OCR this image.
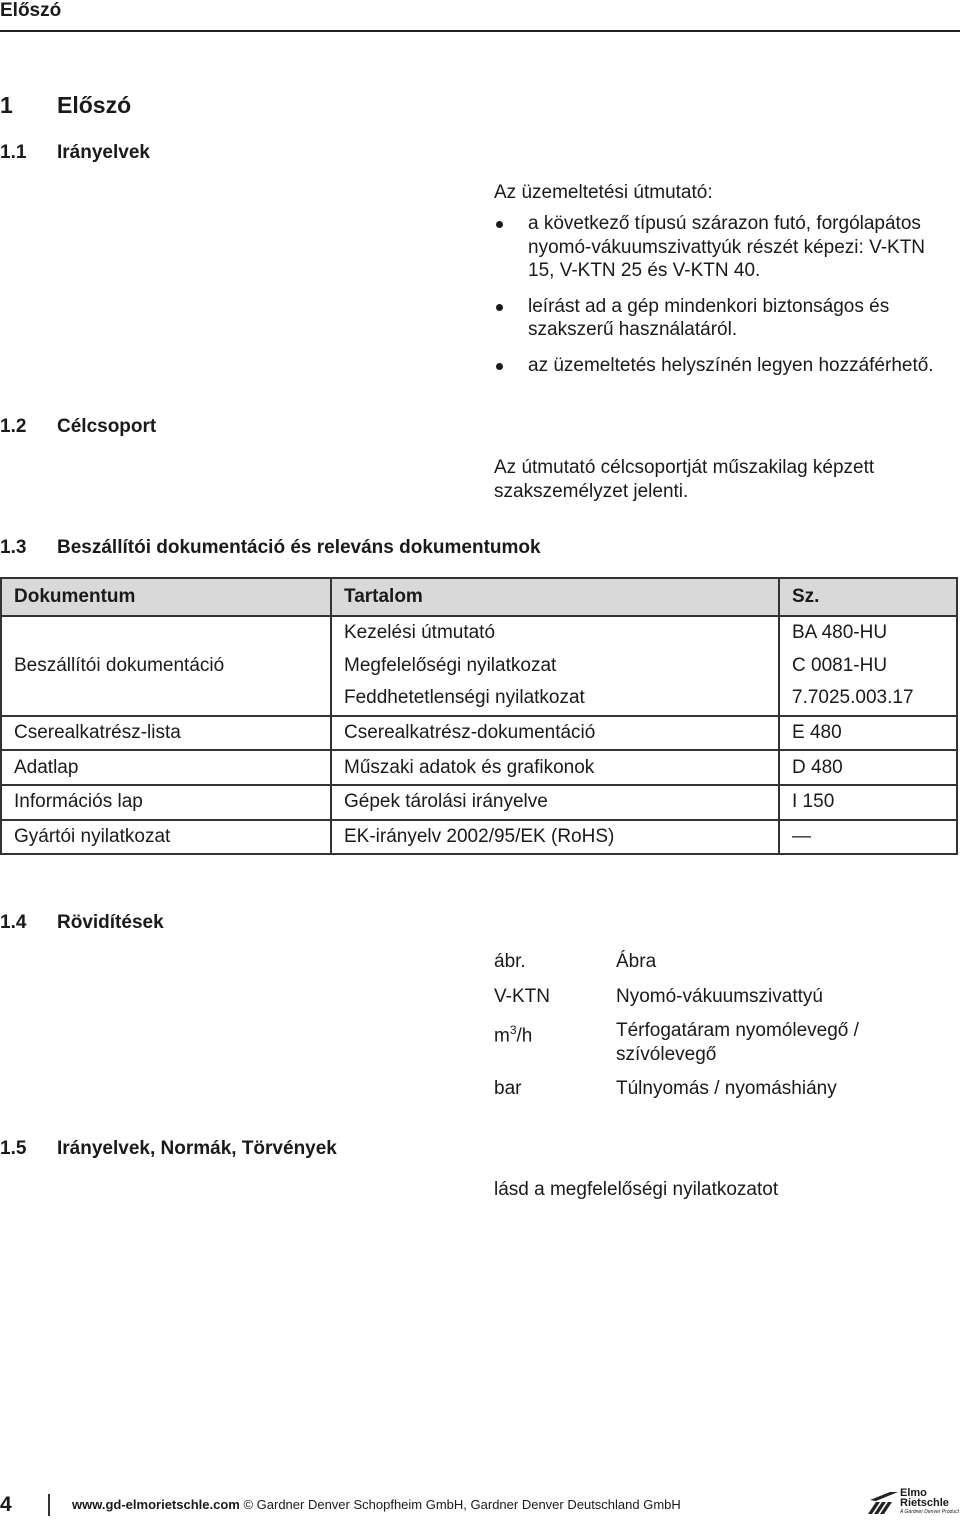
Előszó
1 Előszó
1.1 Irányelvek
Az üzemeltetési útmutató:
a következő típusú szárazon futó, forgólapátos nyomó-vákuumszivattyúk részét képezi: V-KTN 15, V-KTN 25 és V-KTN 40.
leírást ad a gép mindenkori biztonságos és szakszerű használatáról.
az üzemeltetés helyszínén legyen hozzáférhető.
1.2 Célcsoport
Az útmutató célcsoportját műszakilag képzett szakszemélyzet jelenti.
1.3 Beszállítói dokumentáció és releváns dokumentumok
Dokumentum	Tartalom	Sz.
Beszállítói dokumentáció	Kezelési útmutató	BA 480-HU
	Megfelelőségi nyilatkozat	C 0081-HU
	Feddhetetlenségi nyilatkozat	7.7025.003.17
Cserealkatrész-lista	Cserealkatrész-dokumentáció	E 480
Adatlap	Műszaki adatok és grafikonok	D 480
Információs lap	Gépek tárolási irányelve	I 150
Gyártói nyilatkozat	EK-irányelv 2002/95/EK (RoHS)	—
1.4 Rövidítések
ábr.	Ábra
V-KTN	Nyomó-vákuumszivattyú
$m^3/h$	Térfogatáram nyomólevegő / szívólevegő
bar	Túlnyomás / nyomáshiány
1.5 Irányelvek, Normák, Törvények
lásd a megfelelőségi nyilatkozatot
4	www.gd-elmorietschle.com © Gardner Denver Schopfheim GmbH, Gardner Denver Deutschland GmbH
Elmo
Rietschle
A Gardner Denver Product
